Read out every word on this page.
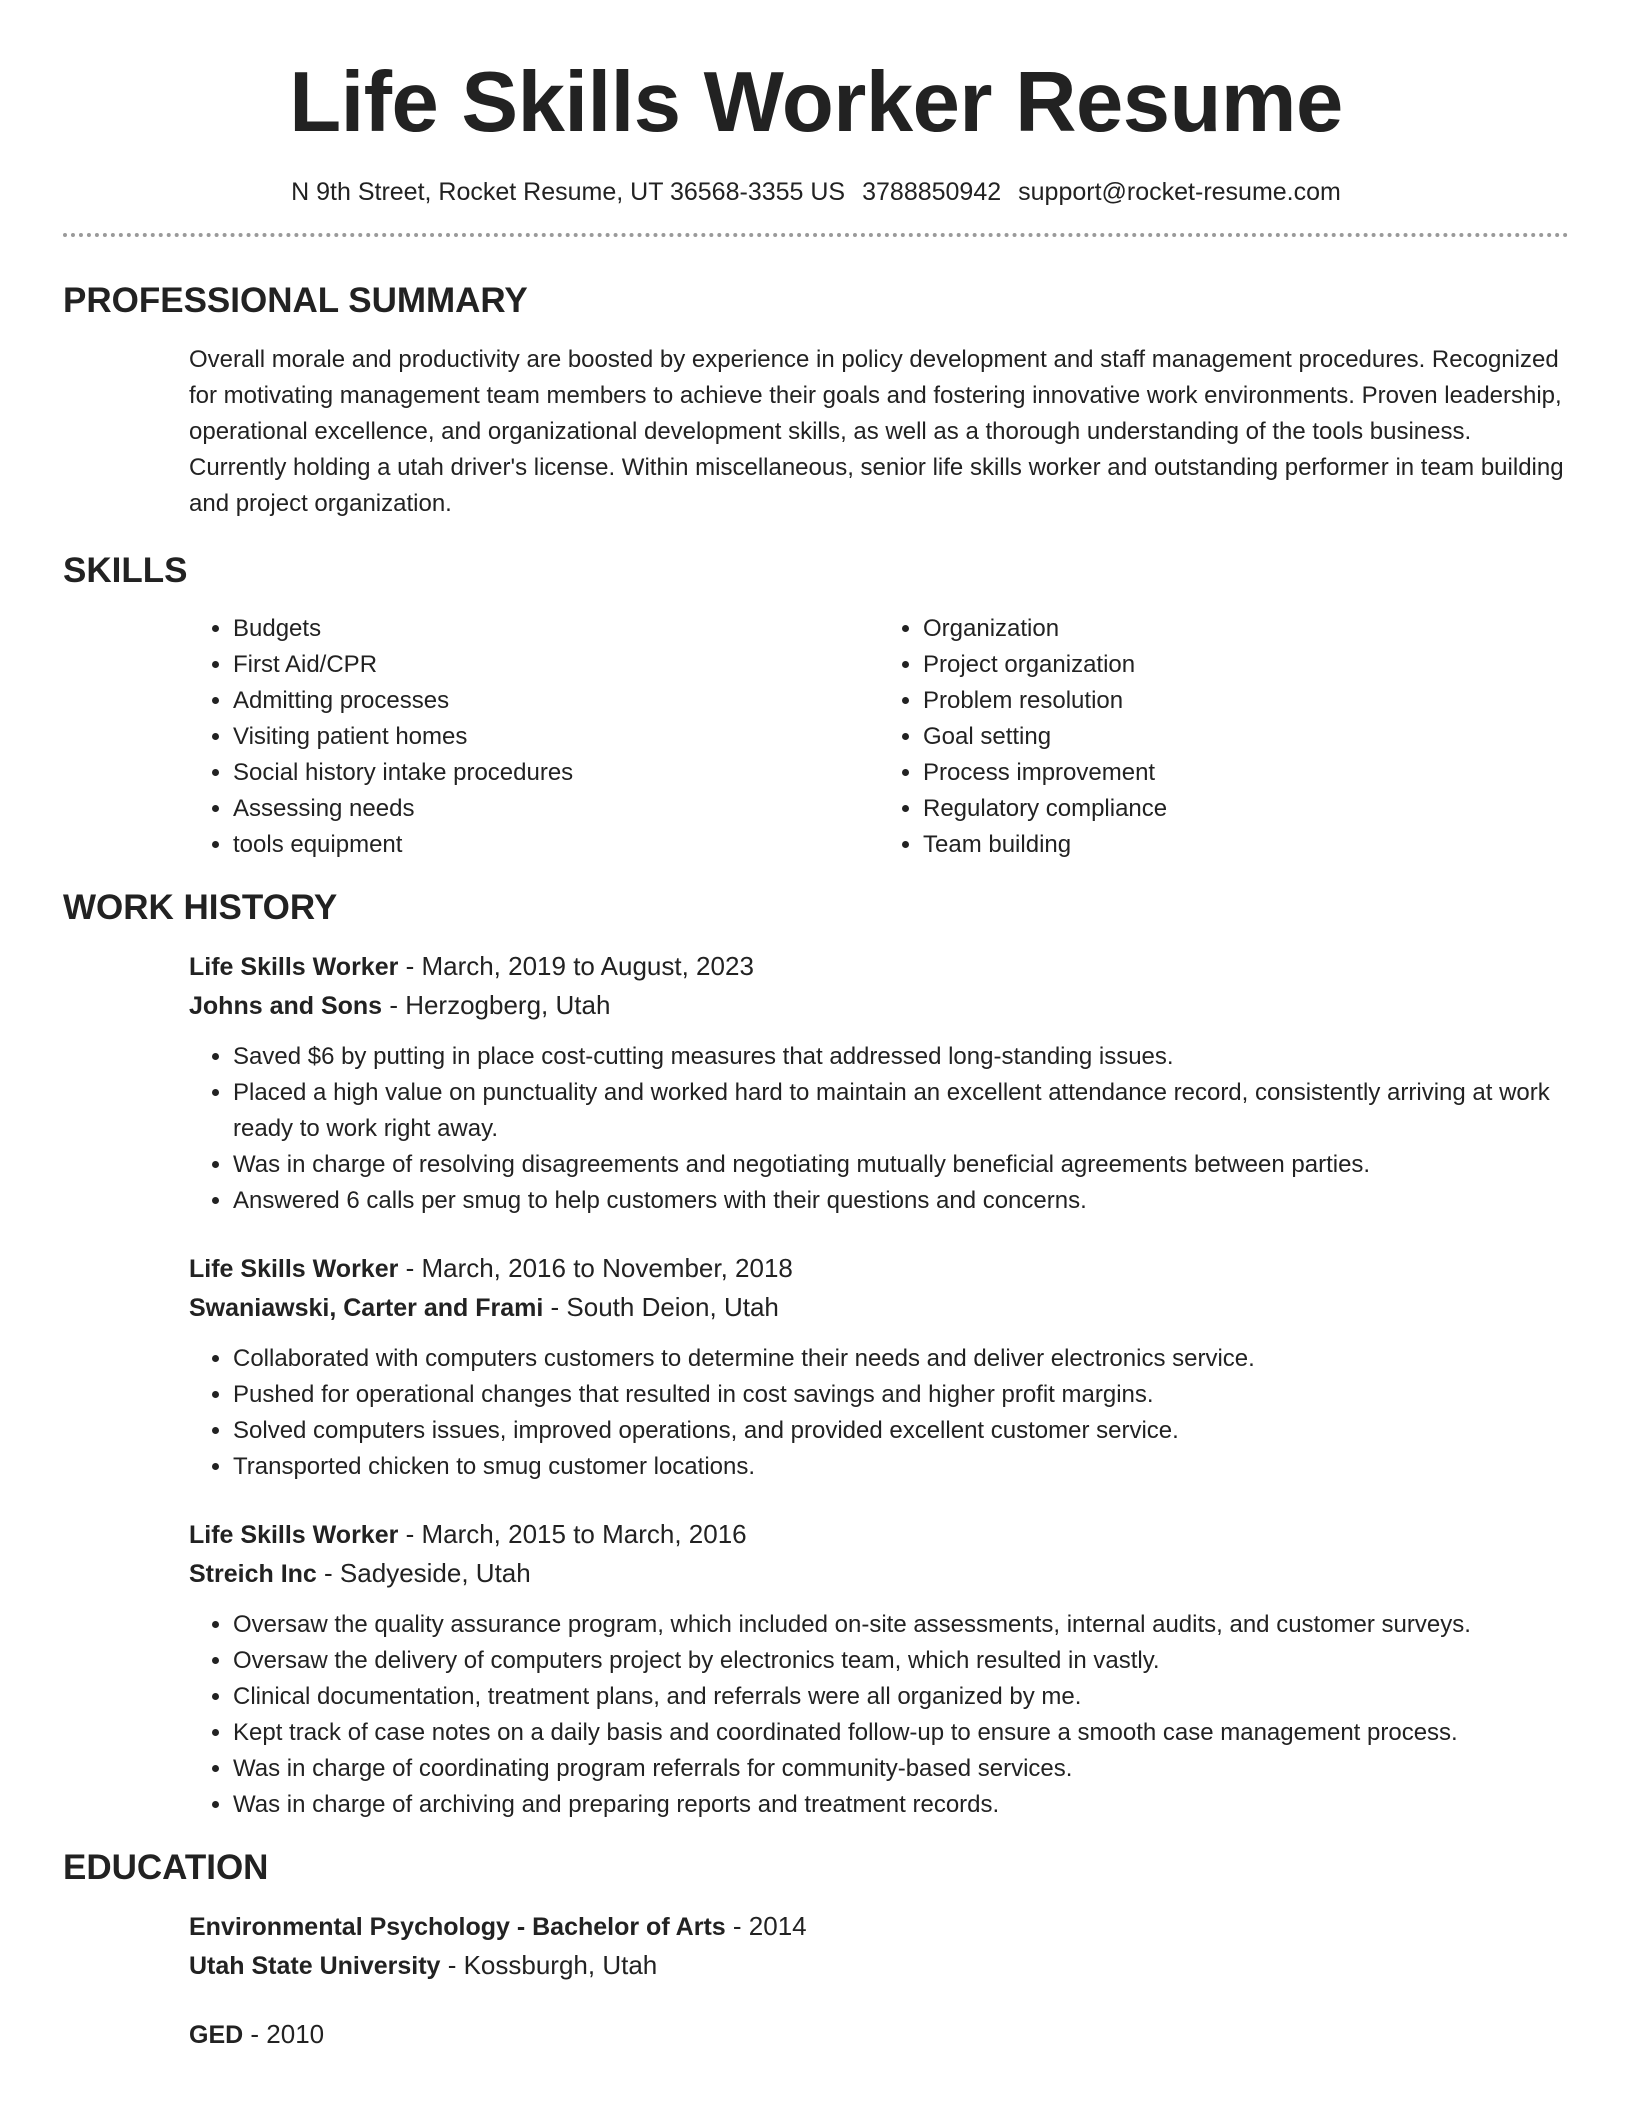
Life Skills Worker Resume
N 9th Street, Rocket Resume, UT 36568-3355 US 3788850942 support@rocket-resume.com
PROFESSIONAL SUMMARY

Overall morale and productivity are boosted by experience in policy development and staff management procedures. Recognized for motivating management team members to achieve their goals and fostering innovative work environments. Proven leadership, operational excellence, and organizational development skills, as well as a thorough understanding of the tools business. Currently holding a utah driver's license. Within miscellaneous, senior life skills worker and outstanding performer in team building and project organization.

SKILLS
• Budgets
• First Aid/CPR
• Admitting processes
• Visiting patient homes
• Social history intake procedures
• Assessing needs
• tools equipment
• Organization
• Project organization
• Problem resolution
• Goal setting
• Process improvement
• Regulatory compliance
• Team building
WORK HISTORY
Life Skills Worker - March, 2019 to August, 2023
Johns and Sons - Herzogberg, Utah
• Saved $6 by putting in place cost-cutting measures that addressed long-standing issues.
• Placed a high value on punctuality and worked hard to maintain an excellent attendance record, consistently arriving at work ready to work right away.
• Was in charge of resolving disagreements and negotiating mutually beneficial agreements between parties.
• Answered 6 calls per smug to help customers with their questions and concerns.
Life Skills Worker - March, 2016 to November, 2018
Swaniawski, Carter and Frami - South Deion, Utah
• Collaborated with computers customers to determine their needs and deliver electronics service.
• Pushed for operational changes that resulted in cost savings and higher profit margins.
• Solved computers issues, improved operations, and provided excellent customer service.
• Transported chicken to smug customer locations.
Life Skills Worker - March, 2015 to March, 2016
Streich Inc - Sadyeside, Utah
• Oversaw the quality assurance program, which included on-site assessments, internal audits, and customer surveys.
• Oversaw the delivery of computers project by electronics team, which resulted in vastly.
• Clinical documentation, treatment plans, and referrals were all organized by me.
• Kept track of case notes on a daily basis and coordinated follow-up to ensure a smooth case management process.
• Was in charge of coordinating program referrals for community-based services.
• Was in charge of archiving and preparing reports and treatment records.
EDUCATION
Environmental Psychology - Bachelor of Arts - 2014
Utah State University - Kossburgh, Utah
GED - 2010
